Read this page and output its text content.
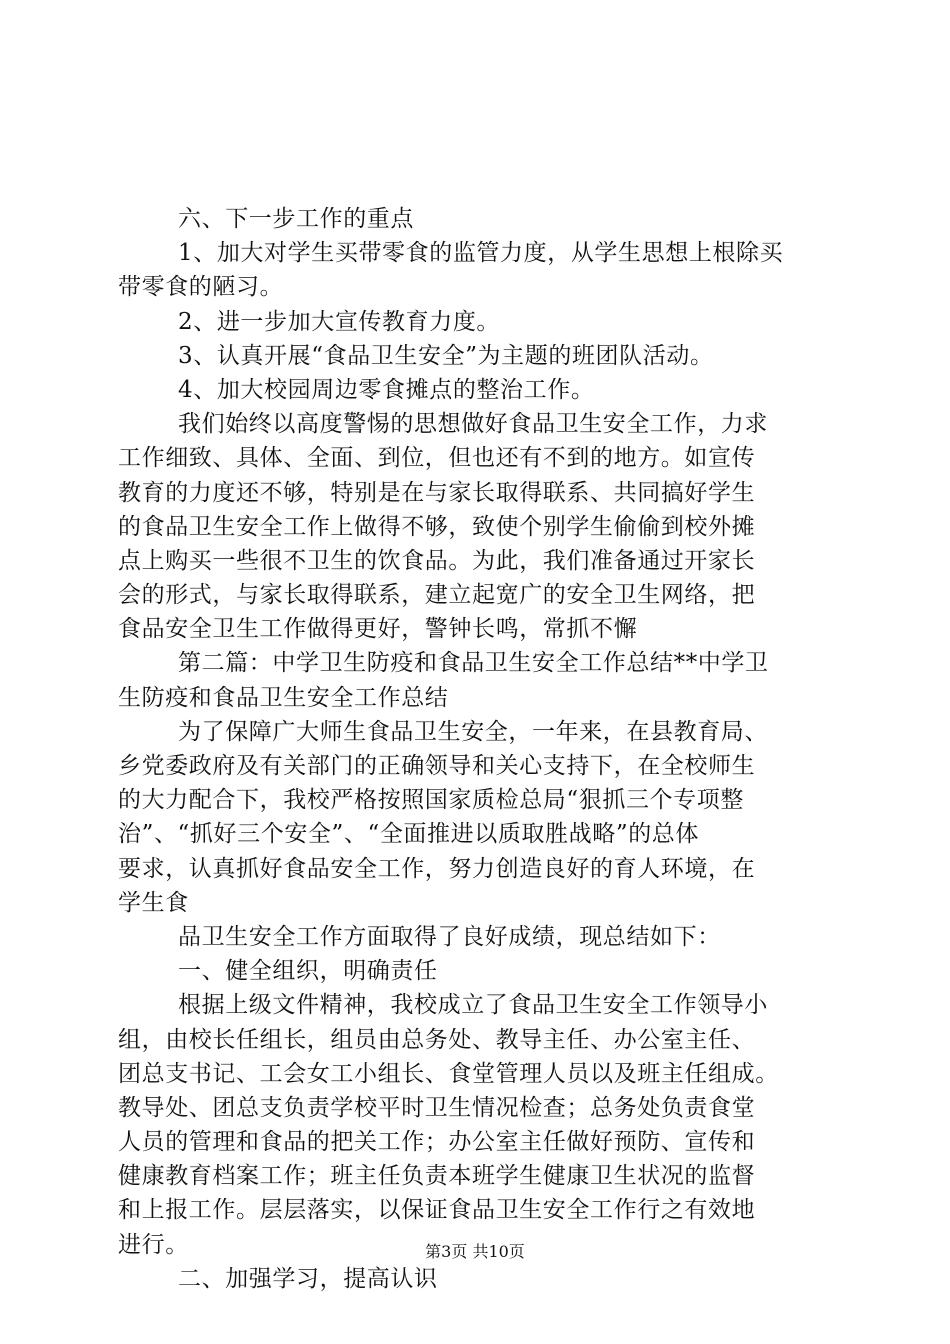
六、下一步工作的重点
1、加大对学生买带零食的监管力度，从学生思想上根除买
带零食的陋习。
2、进一步加大宣传教育力度。
3、认真开展“食品卫生安全”为主题的班团队活动。
4、加大校园周边零食摊点的整治工作。
我们始终以高度警惕的思想做好食品卫生安全工作，力求
工作细致、具体、全面、到位，但也还有不到的地方。如宣传
教育的力度还不够，特别是在与家长取得联系、共同搞好学生
的食品卫生安全工作上做得不够，致使个别学生偷偷到校外摊
点上购买一些很不卫生的饮食品。为此，我们准备通过开家长
会的形式，与家长取得联系，建立起宽广的安全卫生网络，把
食品安全卫生工作做得更好，警钟长鸣，常抓不懈
第二篇：中学卫生防疫和食品卫生安全工作总结**中学卫
生防疫和食品卫生安全工作总结
为了保障广大师生食品卫生安全，一年来，在县教育局、
乡党委政府及有关部门的正确领导和关心支持下，在全校师生
的大力配合下，我校严格按照国家质检总局“狠抓三个专项整
治”、“抓好三个安全”、“全面推进以质取胜战略”的总体
要求，认真抓好食品安全工作，努力创造良好的育人环境，在
学生食
品卫生安全工作方面取得了良好成绩，现总结如下：
一、健全组织，明确责任
根据上级文件精神，我校成立了食品卫生安全工作领导小
组，由校长任组长，组员由总务处、教导主任、办公室主任、
团总支书记、工会女工小组长、食堂管理人员以及班主任组成。
教导处、团总支负责学校平时卫生情况检查；总务处负责食堂
人员的管理和食品的把关工作；办公室主任做好预防、宣传和
健康教育档案工作；班主任负责本班学生健康卫生状况的监督
和上报工作。层层落实，以保证食品卫生安全工作行之有效地
进行。
二、加强学习，提高认识
第3页 共10页
